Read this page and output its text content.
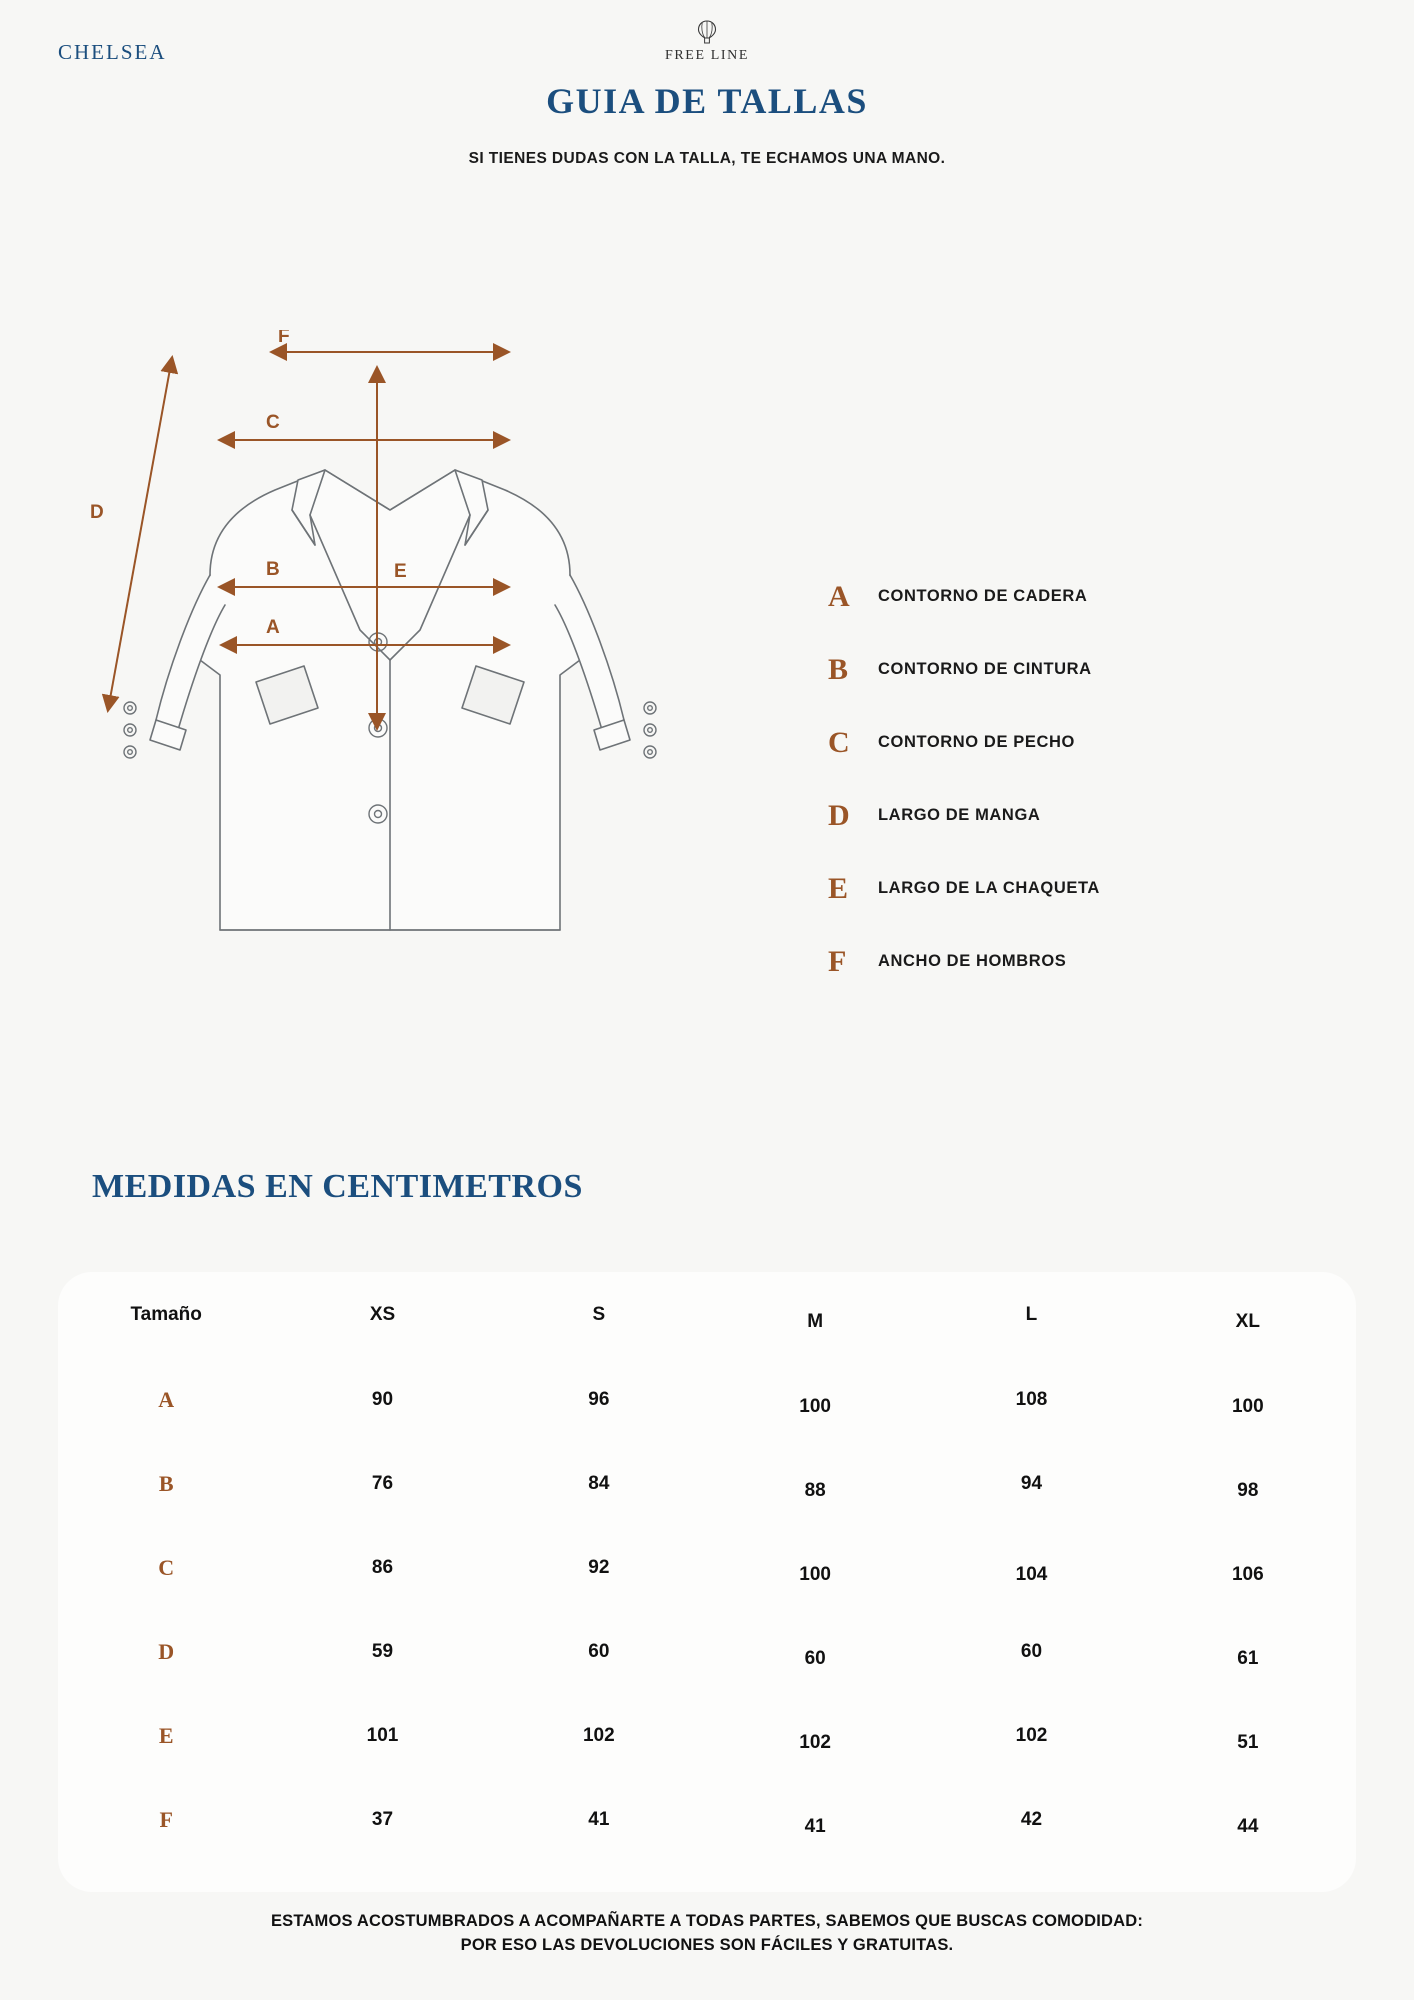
CHELSEA	FREE LINE
GUIA DE TALLAS
SI TIENES DUDAS CON LA TALLA, TE ECHAMOS UNA MANO.
F
C
D
B
A
E
A	CONTORNO DE CADERA
B	CONTORNO DE CINTURA
C	CONTORNO DE PECHO
D	LARGO DE MANGA
E	LARGO DE LA CHAQUETA
F	ANCHO DE HOMBROS
MEDIDAS EN CENTIMETROS
Tamaño	XS	S	M	L	XL
A	90	96	100	108	100
B	76	84	88	94	98
C	86	92	100	104	106
D	59	60	60	60	61
E	101	102	102	102	51
F	37	41	41	42	44
ESTAMOS ACOSTUMBRADOS A ACOMPAÑARTE A TODAS PARTES, SABEMOS QUE BUSCAS COMODIDAD:
POR ESO LAS DEVOLUCIONES SON FÁCILES Y GRATUITAS.
